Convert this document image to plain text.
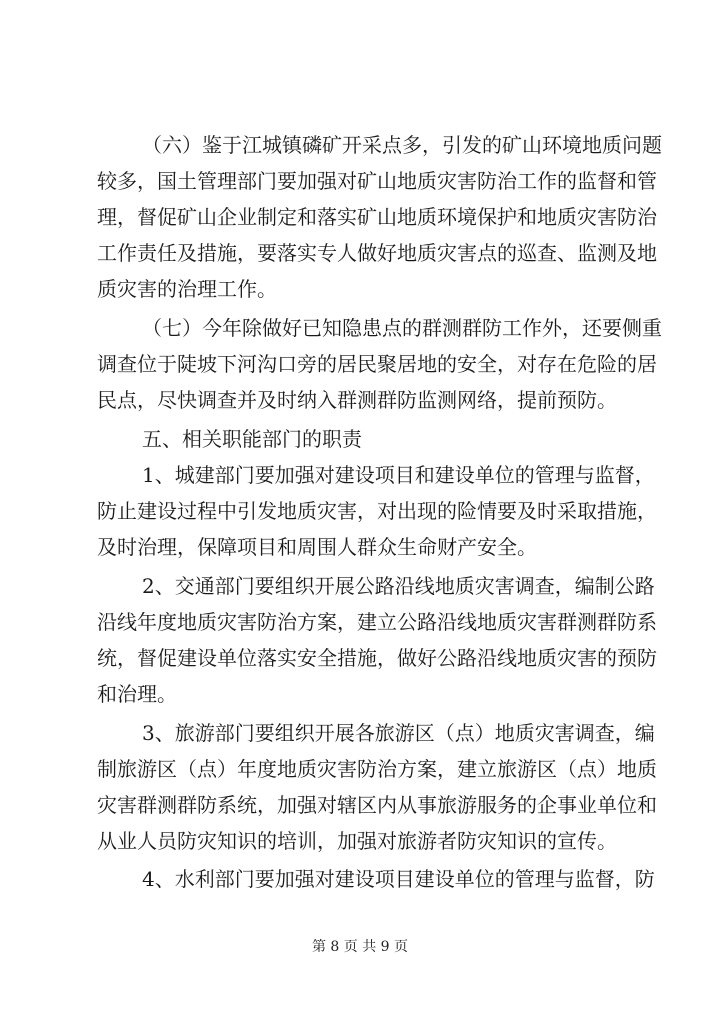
（六）鉴于江城镇磷矿开采点多，引发的矿山环境地质问题
较多，国土管理部门要加强对矿山地质灾害防治工作的监督和管
理，督促矿山企业制定和落实矿山地质环境保护和地质灾害防治
工作责任及措施，要落实专人做好地质灾害点的巡查、监测及地
质灾害的治理工作。
（七）今年除做好已知隐患点的群测群防工作外，还要侧重
调查位于陡坡下河沟口旁的居民聚居地的安全，对存在危险的居
民点，尽快调查并及时纳入群测群防监测网络，提前预防。
五、相关职能部门的职责
1、城建部门要加强对建设项目和建设单位的管理与监督，
防止建设过程中引发地质灾害，对出现的险情要及时采取措施，
及时治理，保障项目和周围人群众生命财产安全。
2、交通部门要组织开展公路沿线地质灾害调查，编制公路
沿线年度地质灾害防治方案，建立公路沿线地质灾害群测群防系
统，督促建设单位落实安全措施，做好公路沿线地质灾害的预防
和治理。
3、旅游部门要组织开展各旅游区（点）地质灾害调查，编
制旅游区（点）年度地质灾害防治方案，建立旅游区（点）地质
灾害群测群防系统，加强对辖区内从事旅游服务的企事业单位和
从业人员防灾知识的培训，加强对旅游者防灾知识的宣传。
4、水利部门要加强对建设项目建设单位的管理与监督，防
第 8 页 共 9 页
